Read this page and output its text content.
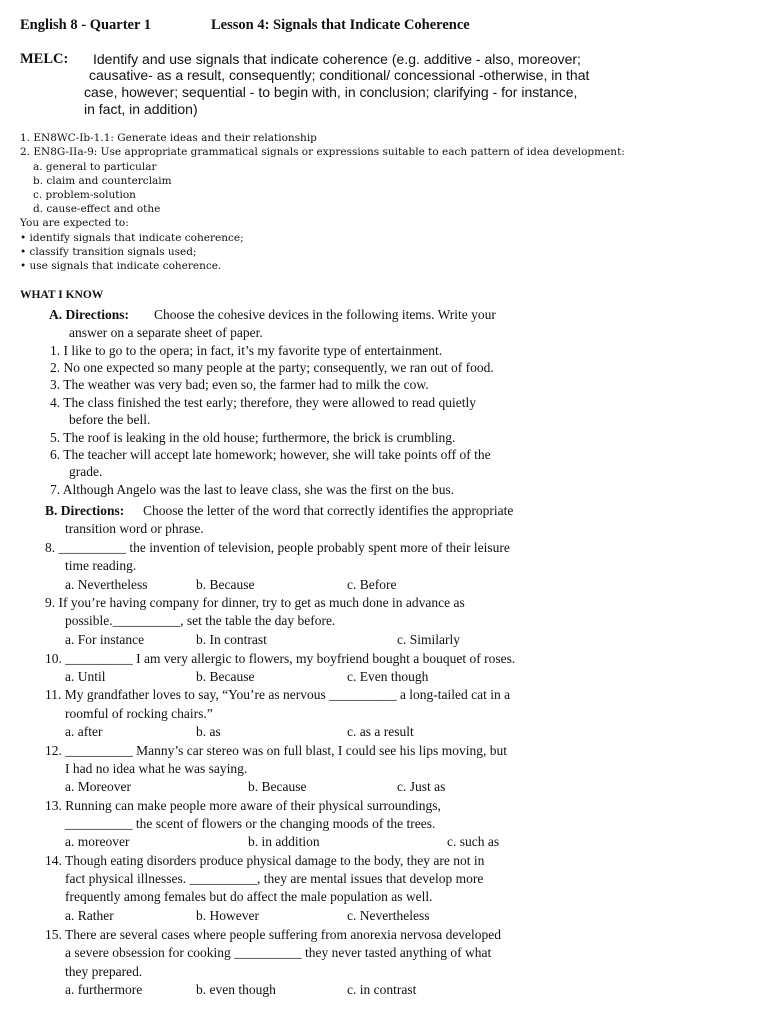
English 8 - Quarter 1	Lesson 4: Signals that Indicate Coherence
MELC: Identify and use signals that indicate coherence (e.g. additive - also, moreover;
causative- as a result, consequently; conditional/ concessional -otherwise, in that
case, however; sequential - to begin with, in conclusion; clarifying - for instance,
in fact, in addition)
1. EN8WC-Ib-1.1: Generate ideas and their relationship
2. EN8G-IIa-9: Use appropriate grammatical signals or expressions suitable to each pattern of idea development:
a. general to particular
b. claim and counterclaim
c. problem-solution
d. cause-effect and othe
You are expected to:
• identify signals that indicate coherence;
• classify transition signals used;
• use signals that indicate coherence.
WHAT I KNOW
A. Directions: Choose the cohesive devices in the following items. Write your
answer on a separate sheet of paper.
1. I like to go to the opera; in fact, it’s my favorite type of entertainment.
2. No one expected so many people at the party; consequently, we ran out of food.
3. The weather was very bad; even so, the farmer had to milk the cow.
4. The class finished the test early; therefore, they were allowed to read quietly
before the bell.
5. The roof is leaking in the old house; furthermore, the brick is crumbling.
6. The teacher will accept late homework; however, she will take points off of the
grade.
7. Although Angelo was the last to leave class, she was the first on the bus.
B. Directions: Choose the letter of the word that correctly identifies the appropriate
transition word or phrase.
8. __________ the invention of television, people probably spent more of their leisure
time reading.
a. Nevertheless	b. Because	c. Before
9. If you’re having company for dinner, try to get as much done in advance as
possible.__________, set the table the day before.
a. For instance	b. In contrast	c. Similarly
10. __________ I am very allergic to flowers, my boyfriend bought a bouquet of roses.
a. Until	b. Because	c. Even though
11. My grandfather loves to say, “You’re as nervous __________ a long-tailed cat in a
roomful of rocking chairs.”
a. after	b. as	c. as a result
12. __________ Manny’s car stereo was on full blast, I could see his lips moving, but
I had no idea what he was saying.
a. Moreover	b. Because	c. Just as
13. Running can make people more aware of their physical surroundings,
__________ the scent of flowers or the changing moods of the trees.
a. moreover	b. in addition	c. such as
14. Though eating disorders produce physical damage to the body, they are not in
fact physical illnesses. __________, they are mental issues that develop more
frequently among females but do affect the male population as well.
a. Rather	b. However	c. Nevertheless
15. There are several cases where people suffering from anorexia nervosa developed
a severe obsession for cooking __________ they never tasted anything of what
they prepared.
a. furthermore	b. even though	c. in contrast
